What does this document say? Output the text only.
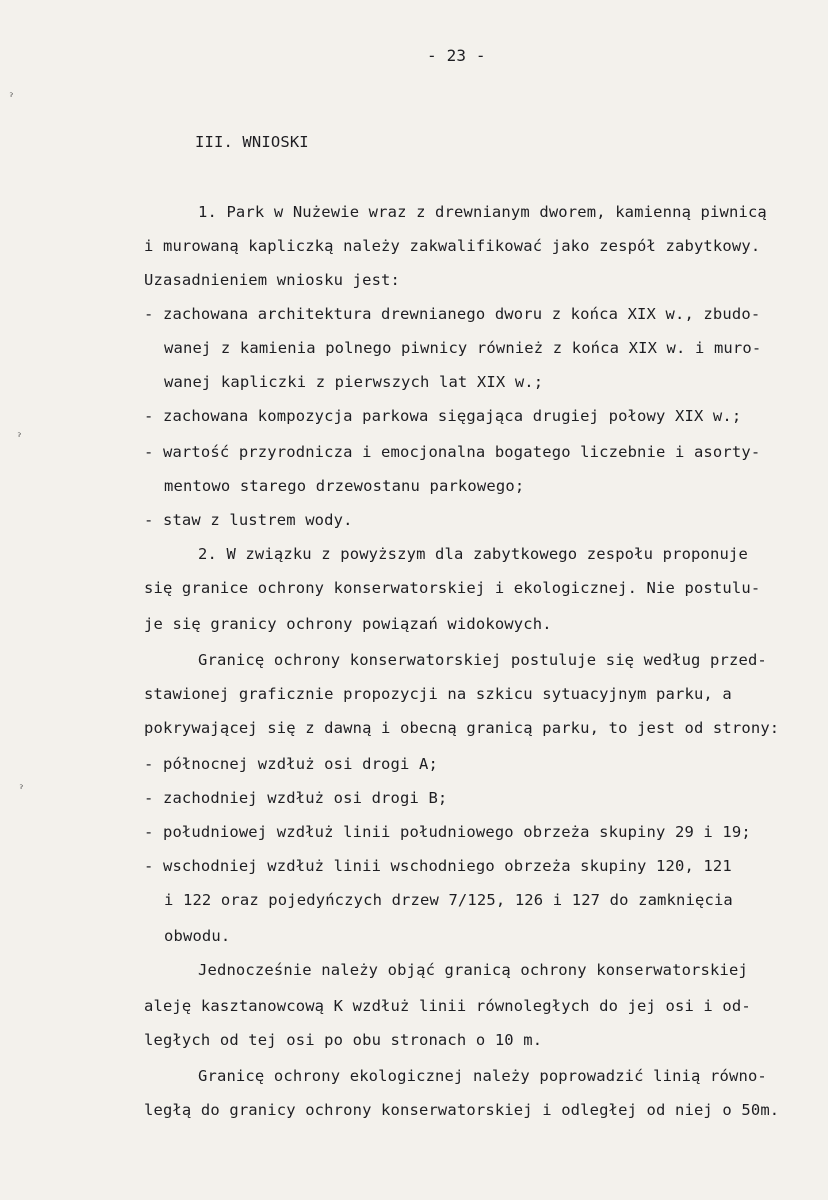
ˀ
ˀ
ˀ
- 23 -
III. WNIOSKI
1. Park w Nużewie wraz z drewnianym dworem, kamienną piwnicą
i murowaną kapliczką należy zakwalifikować jako zespół zabytkowy.
Uzasadnieniem wniosku jest:
- zachowana architektura drewnianego dworu z końca XIX w., zbudo-
wanej z kamienia polnego piwnicy również z końca XIX w. i muro-
wanej kapliczki z pierwszych lat XIX w.;
- zachowana kompozycja parkowa sięgająca drugiej połowy XIX w.;
- wartość przyrodnicza i emocjonalna bogatego liczebnie i asorty-
mentowo starego drzewostanu parkowego;
- staw z lustrem wody.
2. W związku z powyższym dla zabytkowego zespołu proponuje
się granice ochrony konserwatorskiej i ekologicznej. Nie postulu-
je się granicy ochrony powiązań widokowych.
Granicę ochrony konserwatorskiej postuluje się według przed-
stawionej graficznie propozycji na szkicu sytuacyjnym parku, a
pokrywającej się z dawną i obecną granicą parku, to jest od strony:
- północnej wzdłuż osi drogi A;
- zachodniej wzdłuż osi drogi B;
- południowej wzdłuż linii południowego obrzeża skupiny 29 i 19;
- wschodniej wzdłuż linii wschodniego obrzeża skupiny 120, 121
i 122 oraz pojedyńczych drzew 7/125, 126 i 127 do zamknięcia
obwodu.
Jednocześnie należy objąć granicą ochrony konserwatorskiej
aleję kasztanowcową K wzdłuż linii równoległych do jej osi i od-
ległych od tej osi po obu stronach o 10 m.
Granicę ochrony ekologicznej należy poprowadzić linią równo-
ległą do granicy ochrony konserwatorskiej i odległej od niej o 50m.
